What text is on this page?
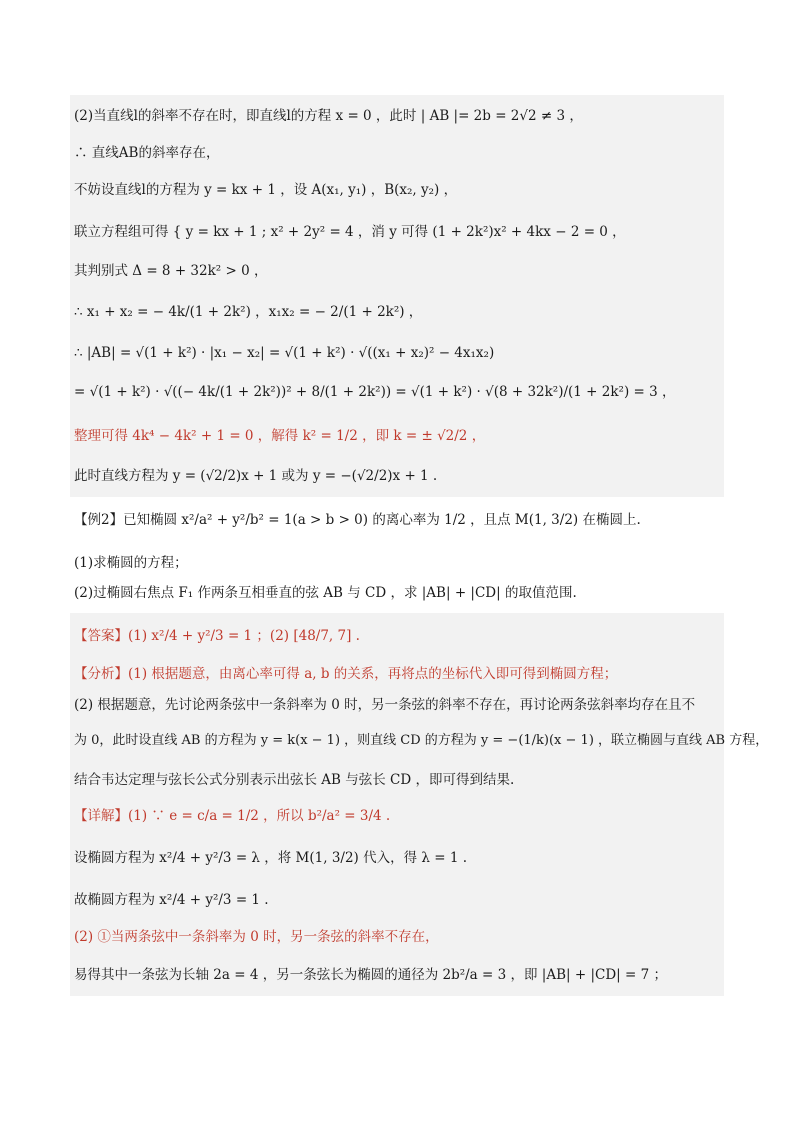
(2)当直线l的斜率不存在时，即直线l的方程 x = 0 ，此时 | AB |= 2b = 2√2 ≠ 3 ，
∴ 直线AB的斜率存在，
不妨设直线l的方程为 y = kx + 1 ，设 A(x₁, y₁) ，B(x₂, y₂) ，
联立方程组可得 { y = kx + 1 ; x² + 2y² = 4 ，消 y 可得 (1 + 2k²)x² + 4kx − 2 = 0 ，
其判别式 Δ = 8 + 32k² > 0 ，
∴ x₁ + x₂ = − 4k/(1 + 2k²) ，x₁x₂ = − 2/(1 + 2k²) ，
∴ |AB| = √(1 + k²) · |x₁ − x₂| = √(1 + k²) · √((x₁ + x₂)² − 4x₁x₂)
= √(1 + k²) · √((− 4k/(1 + 2k²))² + 8/(1 + 2k²)) = √(1 + k²) · √(8 + 32k²)/(1 + 2k²) = 3 ，
整理可得 4k⁴ − 4k² + 1 = 0 ，解得 k² = 1/2 ，即 k = ± √2/2 ，
此时直线方程为 y = (√2/2)x + 1 或为 y = −(√2/2)x + 1 .
【例2】已知椭圆 x²/a² + y²/b² = 1(a > b > 0) 的离心率为 1/2 ，且点 M(1, 3/2) 在椭圆上.
(1)求椭圆的方程；
(2)过椭圆右焦点 F₁ 作两条互相垂直的弦 AB 与 CD ，求 |AB| + |CD| 的取值范围.
【答案】(1) x²/4 + y²/3 = 1 ；(2) [48/7, 7] .
【分析】(1) 根据题意，由离心率可得 a, b 的关系，再将点的坐标代入即可得到椭圆方程；
(2) 根据题意，先讨论两条弦中一条斜率为 0 时，另一条弦的斜率不存在，再讨论两条弦斜率均存在且不
为 0，此时设直线 AB 的方程为 y = k(x − 1) ，则直线 CD 的方程为 y = −(1/k)(x − 1) ，联立椭圆与直线 AB 方程，
结合韦达定理与弦长公式分别表示出弦长 AB 与弦长 CD ，即可得到结果.
【详解】(1) ∵ e = c/a = 1/2 ，所以 b²/a² = 3/4 .
设椭圆方程为 x²/4 + y²/3 = λ ，将 M(1, 3/2) 代入，得 λ = 1 .
故椭圆方程为 x²/4 + y²/3 = 1 .
(2) ①当两条弦中一条斜率为 0 时，另一条弦的斜率不存在，
易得其中一条弦为长轴 2a = 4 ，另一条弦长为椭圆的通径为 2b²/a = 3 ，即 |AB| + |CD| = 7 ；
